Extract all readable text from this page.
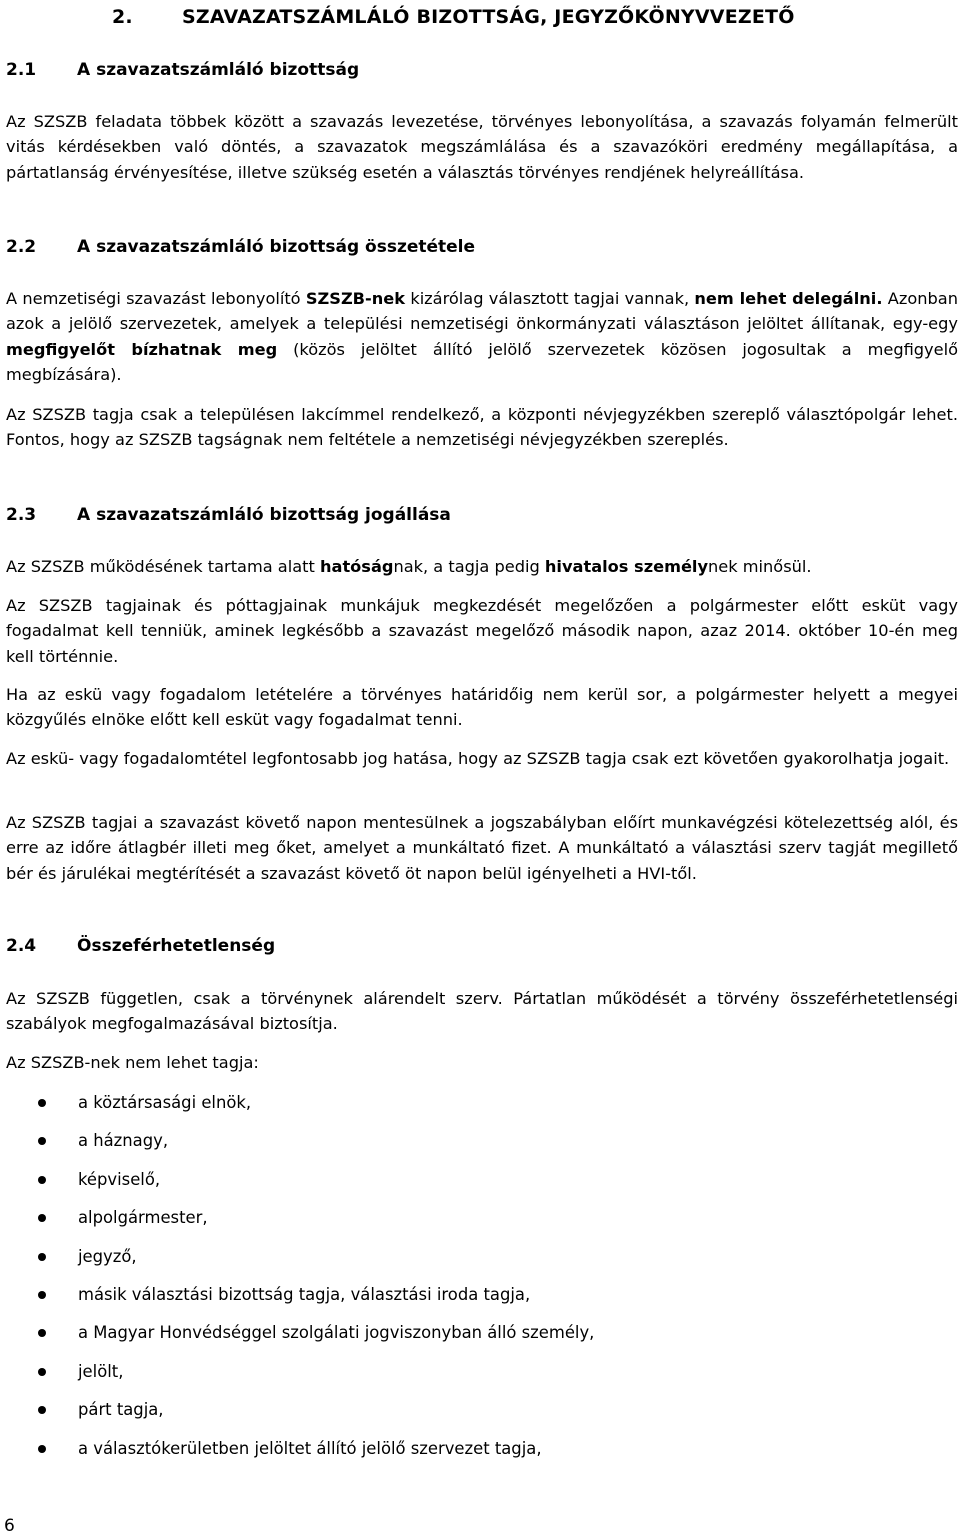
2.	SZAVAZATSZÁMLÁLÓ BIZOTTSÁG, JEGYZŐKÖNYVVEZETŐ
2.1 A szavazatszámláló bizottság

Az SZSZB feladata többek között a szavazás levezetése, törvényes lebonyolítása, a szavazás folyamán felmerült vitás kérdésekben való döntés, a szavazatok megszámlálása és a szavazóköri eredmény megállapítása, a pártatlanság érvényesítése, illetve szükség esetén a választás törvényes rendjének helyreállítása.

2.2 A szavazatszámláló bizottság összetétele

A nemzetiségi szavazást lebonyolító SZSZB-nek kizárólag választott tagjai vannak, nem lehet delegálni. Azonban azok a jelölő szervezetek, amelyek a települési nemzetiségi önkormányzati választáson jelöltet állítanak, egy-egy megfigyelőt bízhatnak meg (közös jelöltet állító jelölő szervezetek közösen jogosultak a megfigyelő megbízására).

Az SZSZB tagja csak a településen lakcímmel rendelkező, a központi névjegyzékben szereplő választópolgár lehet. Fontos, hogy az SZSZB tagságnak nem feltétele a nemzetiségi névjegyzékben szereplés.

2.3 A szavazatszámláló bizottság jogállása

Az SZSZB működésének tartama alatt hatóságnak, a tagja pedig hivatalos személynek minősül.

Az SZSZB tagjainak és póttagjainak munkájuk megkezdését megelőzően a polgármester előtt esküt vagy fogadalmat kell tenniük, aminek legkésőbb a szavazást megelőző második napon, azaz 2014. október 10-én meg kell történnie.

Ha az eskü vagy fogadalom letételére a törvényes határidőig nem kerül sor, a polgármester helyett a megyei közgyűlés elnöke előtt kell esküt vagy fogadalmat tenni.

Az eskü- vagy fogadalomtétel legfontosabb jog hatása, hogy az SZSZB tagja csak ezt követően gyakorolhatja jogait.

Az SZSZB tagjai a szavazást követő napon mentesülnek a jogszabályban előírt munkavégzési kötelezettség alól, és erre az időre átlagbér illeti meg őket, amelyet a munkáltató fizet. A munkáltató a választási szerv tagját megillető bér és járulékai megtérítését a szavazást követő öt napon belül igényelheti a HVI-től.

2.4 Összeférhetetlenség

Az SZSZB független, csak a törvénynek alárendelt szerv. Pártatlan működését a törvény összeférhetetlenségi szabályok megfogalmazásával biztosítja.

Az SZSZB-nek nem lehet tagja:

a köztársasági elnök,
a háznagy,
képviselő,
alpolgármester,
jegyző,
másik választási bizottság tagja, választási iroda tagja,
a Magyar Honvédséggel szolgálati jogviszonyban álló személy,
jelölt,
párt tagja,
a választókerületben jelöltet állító jelölő szervezet tagja,
6
